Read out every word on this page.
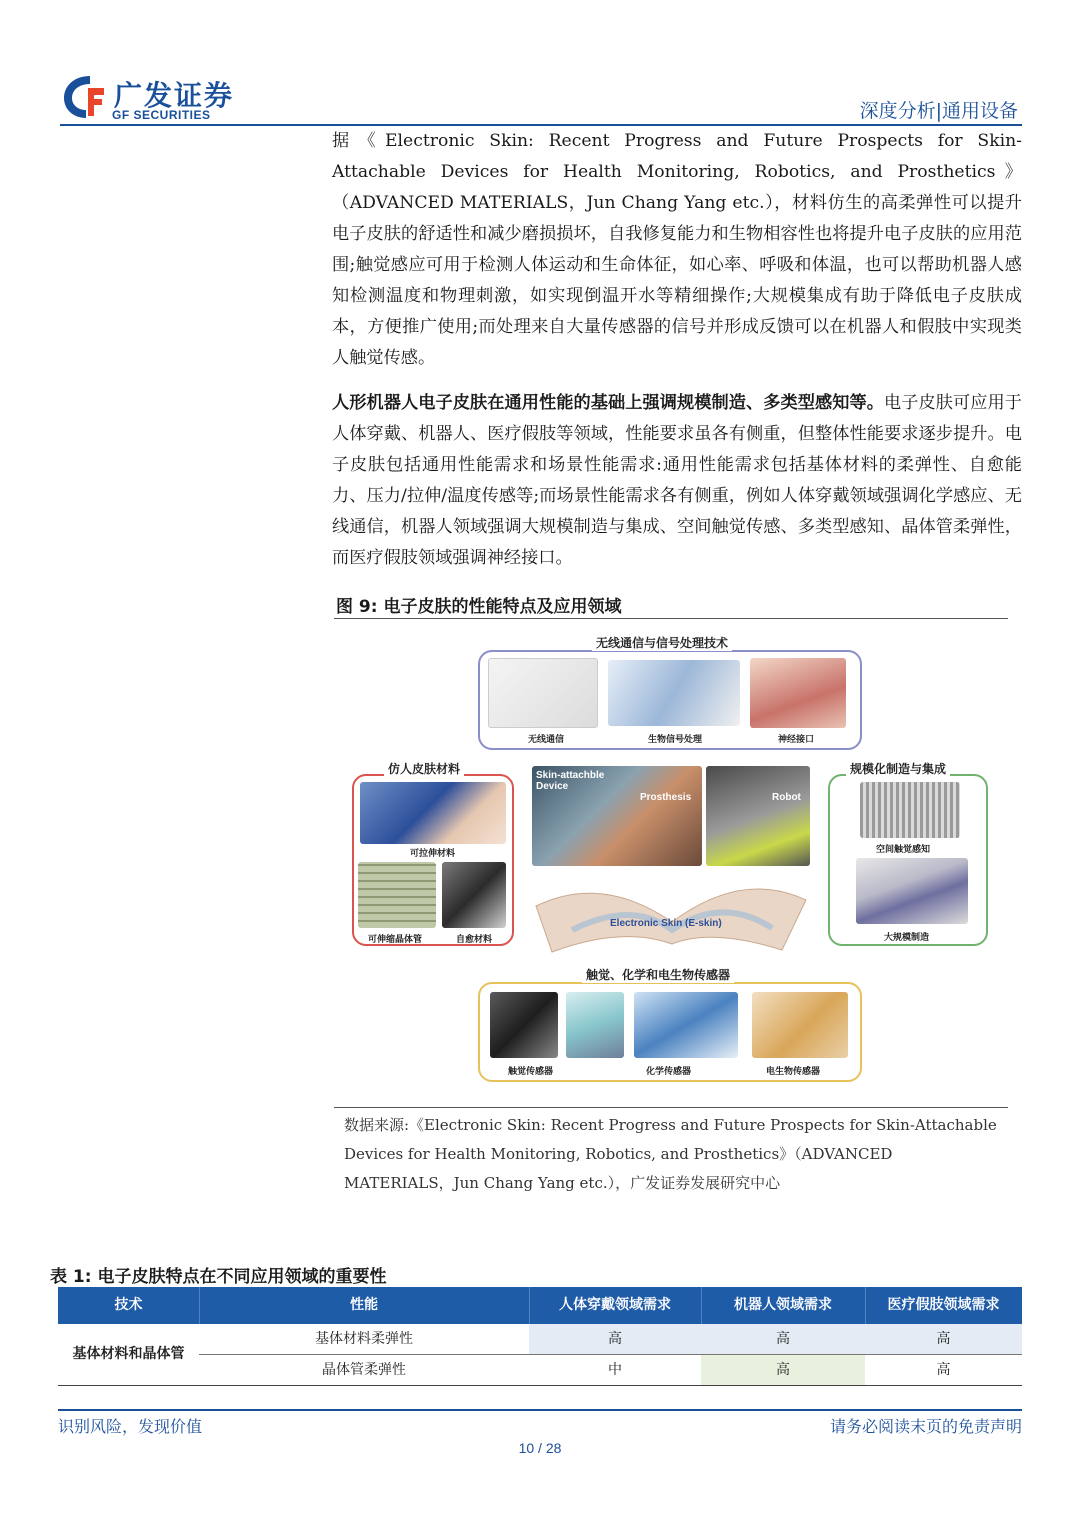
广发证券
GF SECURITIES	深度分析|通用设备
据《Electronic Skin: Recent Progress and Future Prospects for Skin-Attachable Devices for Health Monitoring, Robotics, and Prosthetics》（ADVANCED MATERIALS，Jun Chang Yang etc.），材料仿生的高柔弹性可以提升电子皮肤的舒适性和减少磨损损坏，自我修复能力和生物相容性也将提升电子皮肤的应用范围;触觉感应可用于检测人体运动和生命体征，如心率、呼吸和体温，也可以帮助机器人感知检测温度和物理刺激，如实现倒温开水等精细操作;大规模集成有助于降低电子皮肤成本，方便推广使用;而处理来自大量传感器的信号并形成反馈可以在机器人和假肢中实现类人触觉传感。
人形机器人电子皮肤在通用性能的基础上强调规模制造、多类型感知等。电子皮肤可应用于人体穿戴、机器人、医疗假肢等领域，性能要求虽各有侧重，但整体性能要求逐步提升。电子皮肤包括通用性能需求和场景性能需求:通用性能需求包括基体材料的柔弹性、自愈能力、压力/拉伸/温度传感等;而场景性能需求各有侧重，例如人体穿戴领域强调化学感应、无线通信，机器人领域强调大规模制造与集成、空间触觉传感、多类型感知、晶体管柔弹性，而医疗假肢领域强调神经接口。
图 9: 电子皮肤的性能特点及应用领域
无线通信与信号处理技术
无线通信	生物信号处理	神经接口
仿人皮肤材料
可拉伸材料
可伸缩晶体管	自愈材料
规模化制造与集成
空间触觉感知
大规模制造
Skin-attachble Device
Prosthesis	Robot
Electronic Skin (E-skin)
触觉、化学和电生物传感器
触觉传感器	化学传感器	电生物传感器
数据来源:《Electronic Skin: Recent Progress and Future Prospects for Skin-Attachable Devices for Health Monitoring, Robotics, and Prosthetics》（ADVANCED MATERIALS，Jun Chang Yang etc.），广发证券发展研究中心
表 1: 电子皮肤特点在不同应用领域的重要性
技术	性能	人体穿戴领域需求	机器人领域需求	医疗假肢领域需求
基体材料和晶体管
基体材料柔弹性	高	高	高
晶体管柔弹性	中	高	高
识别风险，发现价值	请务必阅读末页的免责声明
10 / 28
